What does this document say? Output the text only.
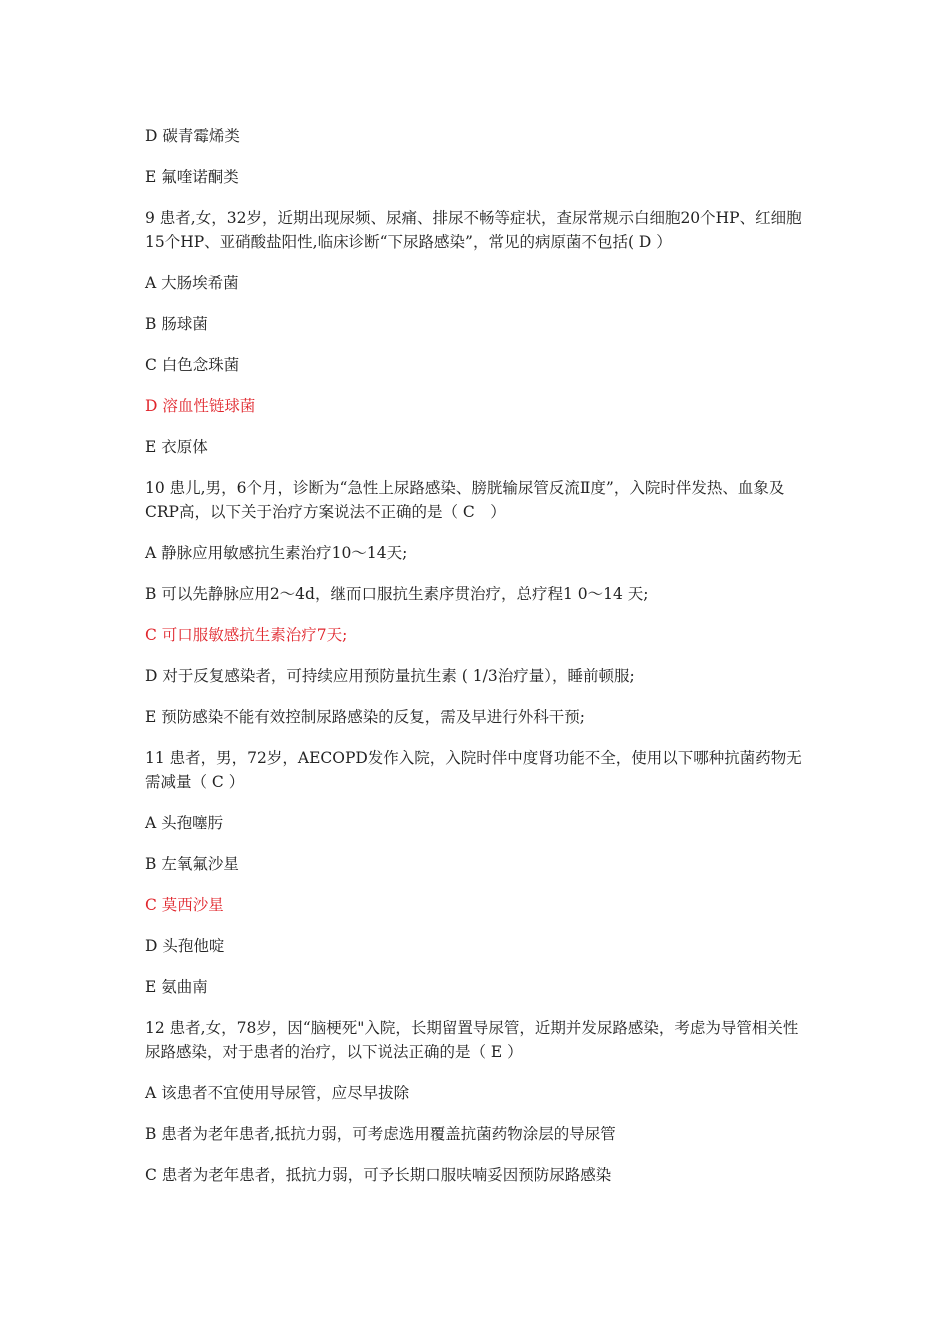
D 碳青霉烯类

E 氟喹诺酮类

9 患者,女，32岁，近期出现尿频、尿痛、排尿不畅等症状，查尿常规示白细胞20个HP、红细胞15个HP、亚硝酸盐阳性,临床诊断“下尿路感染”，常见的病原菌不包括( D ）

A 大肠埃希菌

B 肠球菌

C 白色念珠菌

D 溶血性链球菌

E 衣原体

10 患儿,男，6个月，诊断为“急性上尿路感染、膀胱输尿管反流Ⅱ度”，入院时伴发热、血象及CRP高，以下关于治疗方案说法不正确的是（ C　）

A 静脉应用敏感抗生素治疗10～14天;

B 可以先静脉应用2～4d，继而口服抗生素序贯治疗，总疗程1 0～14 天;

C 可口服敏感抗生素治疗7天;

D 对于反复感染者，可持续应用预防量抗生素 ( 1/3治疗量），睡前顿服;

E 预防感染不能有效控制尿路感染的反复，需及早进行外科干预;

11 患者，男，72岁，AECOPD发作入院，入院时伴中度肾功能不全，使用以下哪种抗菌药物无需减量（ C ）

A 头孢噻肟

B 左氧氟沙星

C 莫西沙星

D 头孢他啶

E 氨曲南

12 患者,女，78岁，因“脑梗死"入院，长期留置导尿管，近期并发尿路感染，考虑为导管相关性尿路感染，对于患者的治疗，以下说法正确的是（ E ）

A 该患者不宜使用导尿管，应尽早拔除

B 患者为老年患者,抵抗力弱，可考虑选用覆盖抗菌药物涂层的导尿管

C 患者为老年患者，抵抗力弱，可予长期口服呋喃妥因预防尿路感染
